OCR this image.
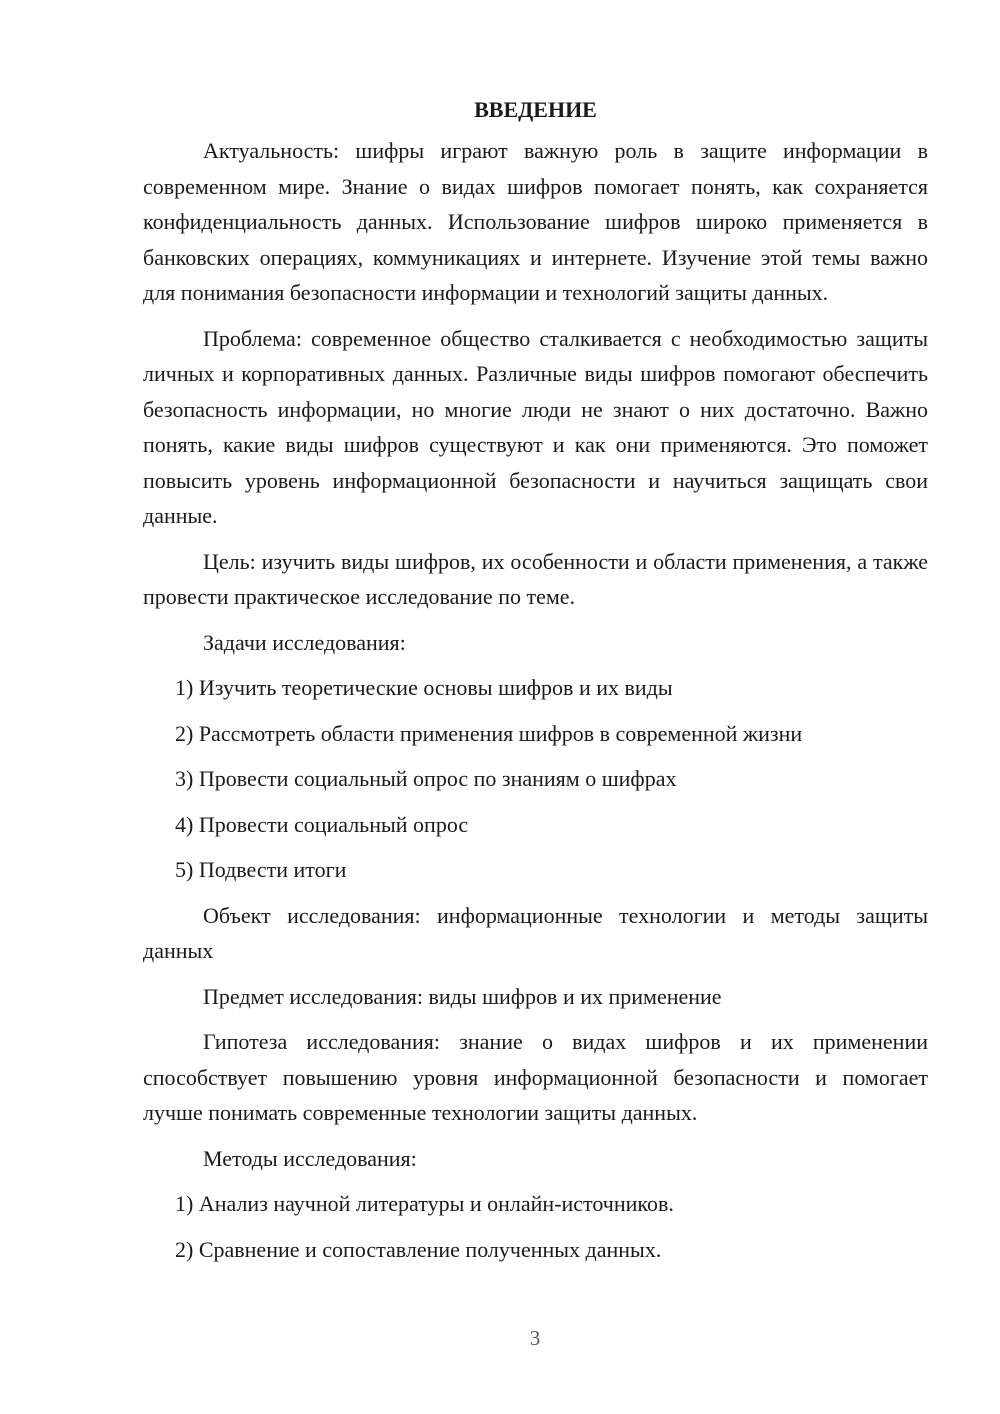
ВВЕДЕНИЕ

Актуальность: шифры играют важную роль в защите информации в современном мире. Знание о видах шифров помогает понять, как сохраняется конфиденциальность данных. Использование шифров широко применяется в банковских операциях, коммуникациях и интернете. Изучение этой темы важно для понимания безопасности информации и технологий защиты данных.

Проблема: современное общество сталкивается с необходимостью защиты личных и корпоративных данных. Различные виды шифров помогают обеспечить безопасность информации, но многие люди не знают о них достаточно. Важно понять, какие виды шифров существуют и как они применяются. Это поможет повысить уровень информационной безопасности и научиться защищать свои данные.

Цель: изучить виды шифров, их особенности и области применения, а также провести практическое исследование по теме.

Задачи исследования:

1) Изучить теоретические основы шифров и их виды

2) Рассмотреть области применения шифров в современной жизни

3) Провести социальный опрос по знаниям о шифрах

4) Провести социальный опрос

5) Подвести итоги

Объект исследования: информационные технологии и методы защиты данных

Предмет исследования: виды шифров и их применение

Гипотеза исследования: знание о видах шифров и их применении способствует повышению уровня информационной безопасности и помогает лучше понимать современные технологии защиты данных.

Методы исследования:

1) Анализ научной литературы и онлайн-источников.

2) Сравнение и сопоставление полученных данных.

3
